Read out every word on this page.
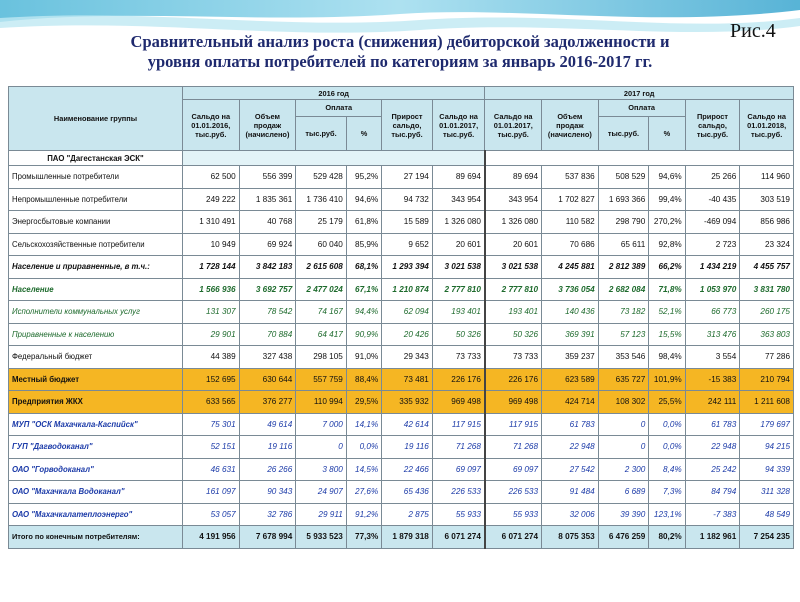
Рис.4
Сравнительный анализ роста (снижения) дебиторской задолженности и
уровня оплаты потребителей по категориям за январь 2016-2017 гг.
Наименование группы	2016 год						2017 год					
	Сальдо на 01.01.2016, тыс.руб.	Объем продаж (начислено)	Оплата		Прирост сальдо, тыс.руб.	Сальдо на 01.01.2017, тыс.руб.	Сальдо на 01.01.2017, тыс.руб.	Объем продаж (начислено)	Оплата		Прирост сальдо, тыс.руб.	Сальдо на 01.01.2018, тыс.руб.
			тыс.руб.	%					тыс.руб.	%		
ПАО "Дагестанская ЭСК"												
Промышленные потребители	62 500	556 399	529 428	95,2%	27 194	89 694	89 694	537 836	508 529	94,6%	25 266	114 960
Непромышленные потребители	249 222	1 835 361	1 736 410	94,6%	94 732	343 954	343 954	1 702 827	1 693 366	99,4%	-40 435	303 519
Энергосбытовые компании	1 310 491	40 768	25 179	61,8%	15 589	1 326 080	1 326 080	110 582	298 790	270,2%	-469 094	856 986
Сельскохозяйственные потребители	10 949	69 924	60 040	85,9%	9 652	20 601	20 601	70 686	65 611	92,8%	2 723	23 324
Население и приравненные, в т.ч.:	1 728 144	3 842 183	2 615 608	68,1%	1 293 394	3 021 538	3 021 538	4 245 881	2 812 389	66,2%	1 434 219	4 455 757
Население	1 566 936	3 692 757	2 477 024	67,1%	1 210 874	2 777 810	2 777 810	3 736 054	2 682 084	71,8%	1 053 970	3 831 780
Исполнители коммунальных услуг	131 307	78 542	74 167	94,4%	62 094	193 401	193 401	140 436	73 182	52,1%	66 773	260 175
Приравненные к населению	29 901	70 884	64 417	90,9%	20 426	50 326	50 326	369 391	57 123	15,5%	313 476	363 803
Федеральный бюджет	44 389	327 438	298 105	91,0%	29 343	73 733	73 733	359 237	353 546	98,4%	3 554	77 286
Местный бюджет	152 695	630 644	557 759	88,4%	73 481	226 176	226 176	623 589	635 727	101,9%	-15 383	210 794
Предприятия ЖКХ	633 565	376 277	110 994	29,5%	335 932	969 498	969 498	424 714	108 302	25,5%	242 111	1 211 608
МУП "ОСК Махачкала-Каспийск"	75 301	49 614	7 000	14,1%	42 614	117 915	117 915	61 783	0	0,0%	61 783	179 697
ГУП "Дагводоканал"	52 151	19 116	0	0,0%	19 116	71 268	71 268	22 948	0	0,0%	22 948	94 215
ОАО "Горводоканал"	46 631	26 266	3 800	14,5%	22 466	69 097	69 097	27 542	2 300	8,4%	25 242	94 339
ОАО "Махачкала Водоканал"	161 097	90 343	24 907	27,6%	65 436	226 533	226 533	91 484	6 689	7,3%	84 794	311 328
ОАО "Махачкалатеплоэнерго"	53 057	32 786	29 911	91,2%	2 875	55 933	55 933	32 006	39 390	123,1%	-7 383	48 549
Итого по конечным потребителям:	4 191 956	7 678 994	5 933 523	77,3%	1 879 318	6 071 274	6 071 274	8 075 353	6 476 259	80,2%	1 182 961	7 254 235
